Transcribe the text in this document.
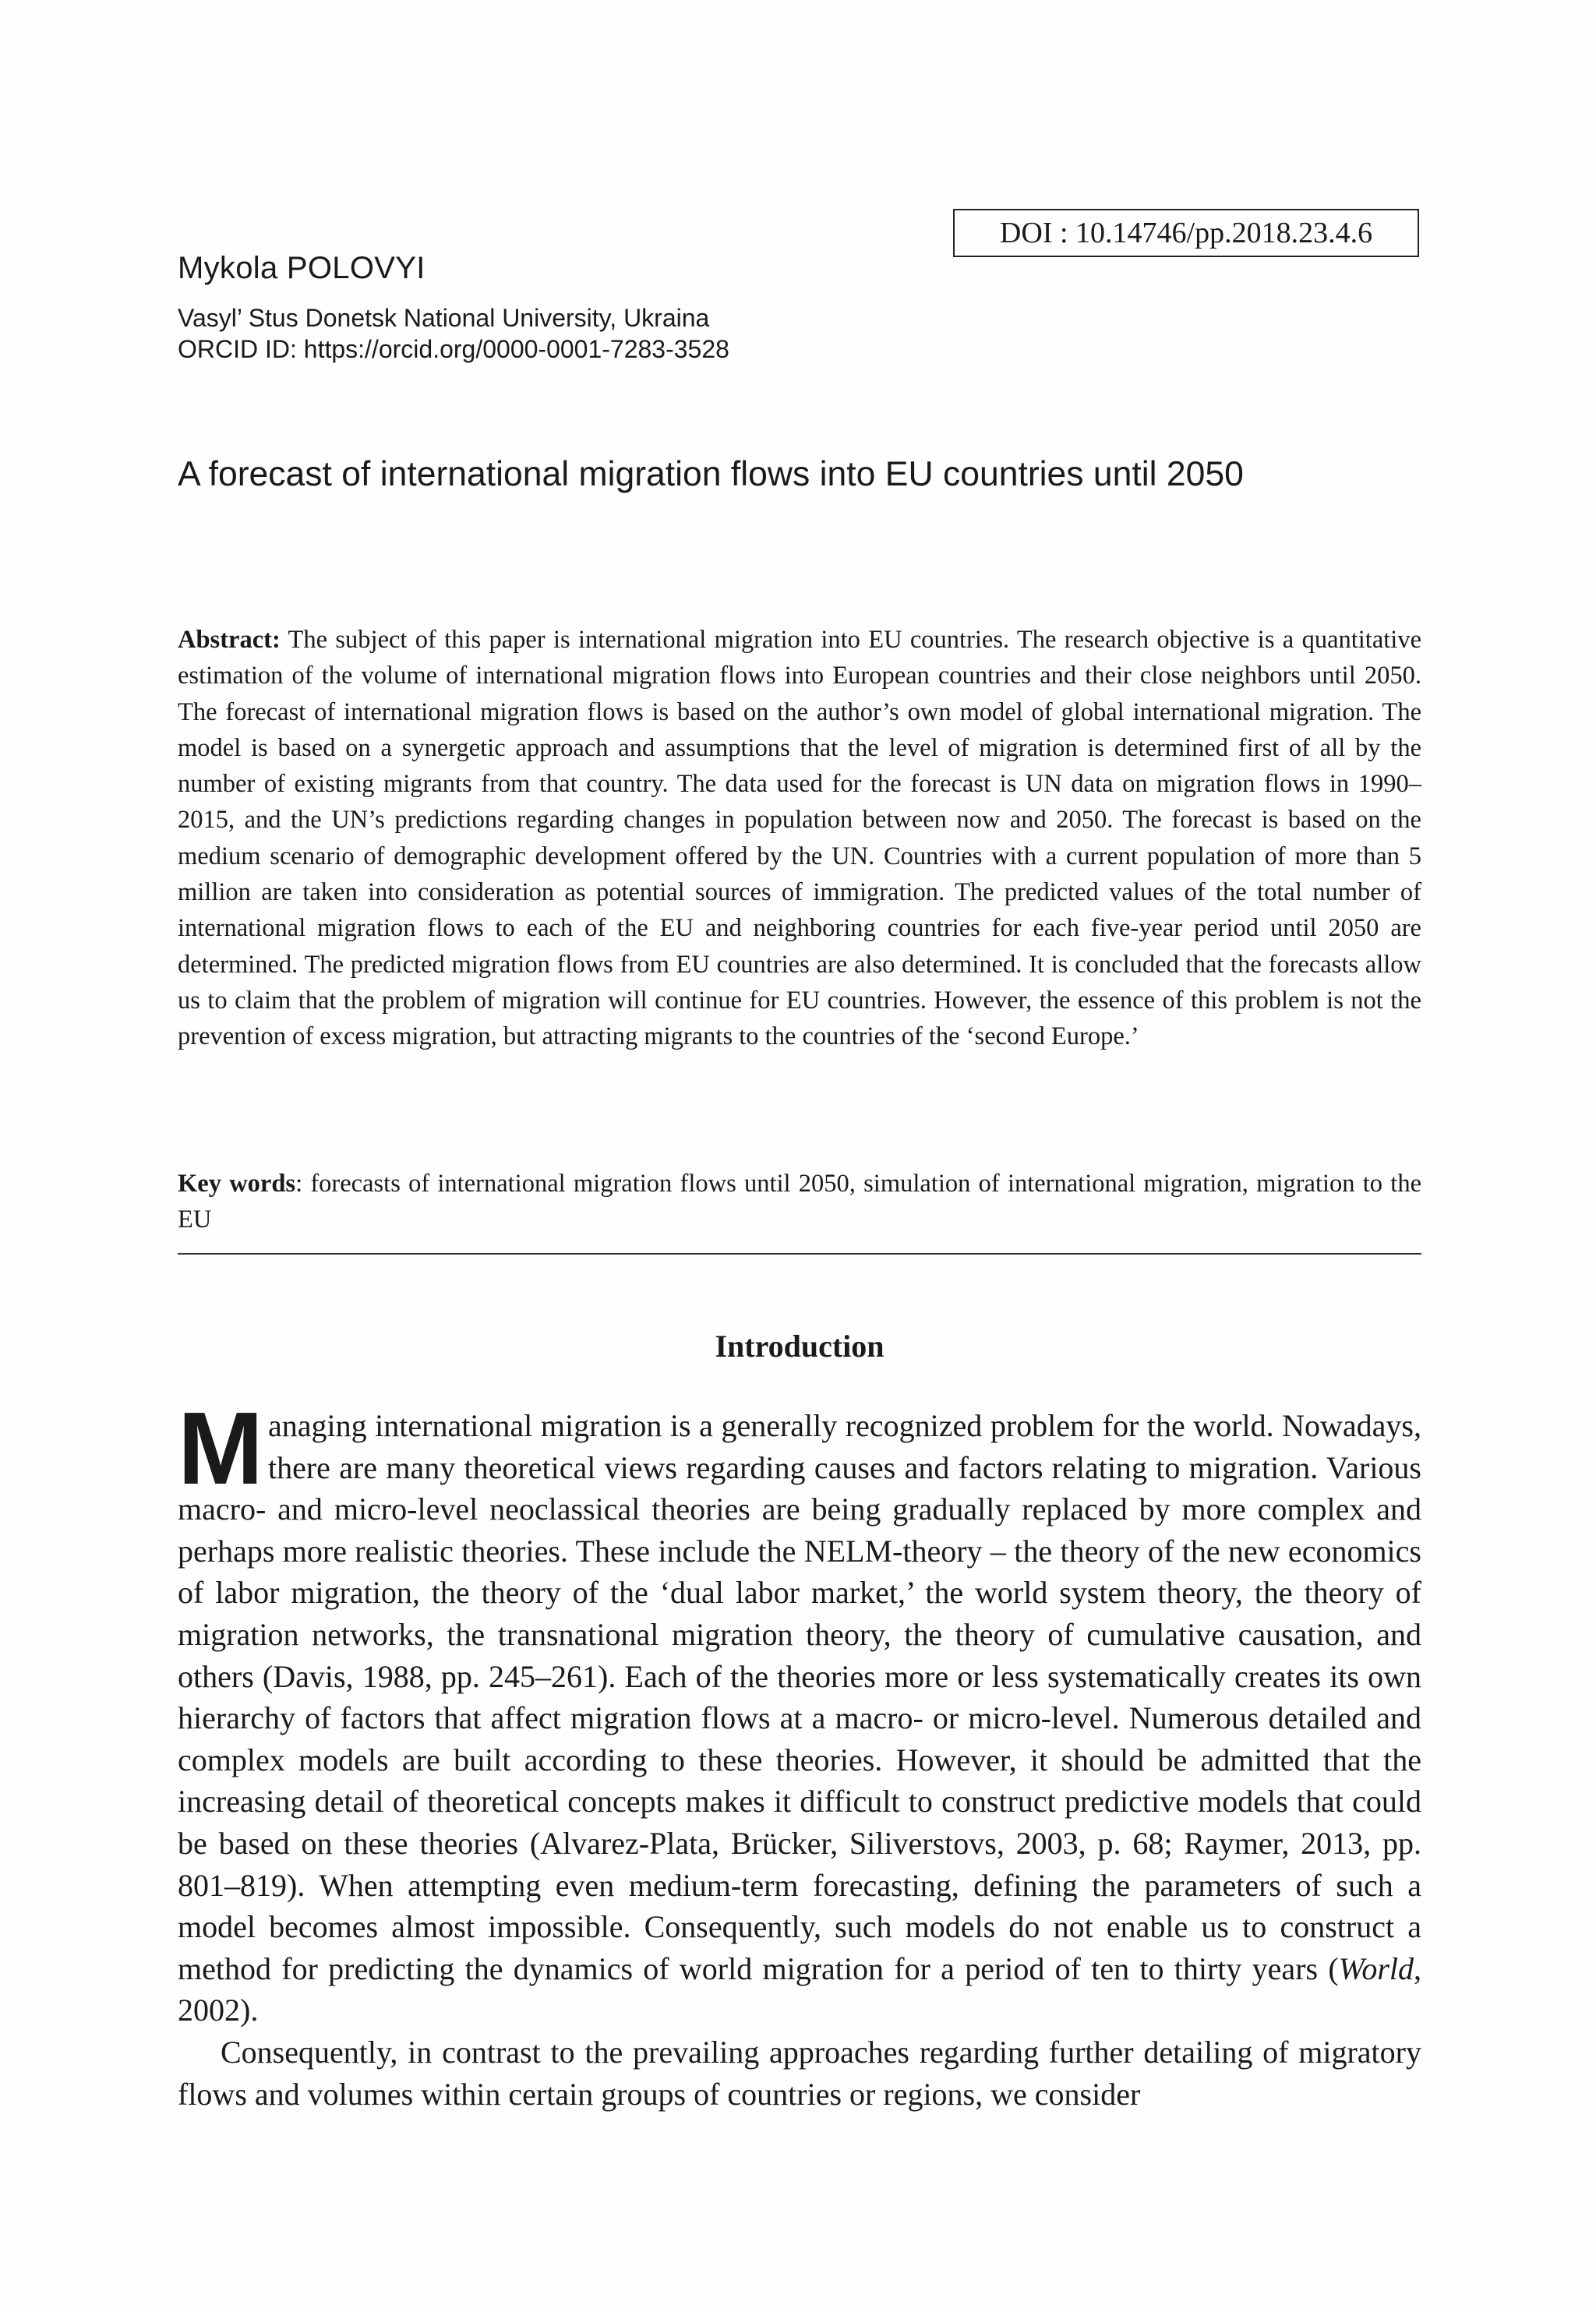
DOI : 10.14746/pp.2018.23.4.6
Mykola POLOVYI
Vasyl’ Stus Donetsk National University, Ukraina
ORCID ID: https://orcid.org/0000-0001-7283-3528
A forecast of international migration flows into EU countries until 2050

Abstract: The subject of this paper is international migration into EU countries. The research objective is a quantitative estimation of the volume of international migration flows into European countries and their close neighbors until 2050. The forecast of international migration flows is based on the author’s own model of global international migration. The model is based on a synergetic approach and assumptions that the level of migration is determined first of all by the number of existing migrants from that country. The data used for the forecast is UN data on migration flows in 1990–2015, and the UN’s predictions regarding changes in population between now and 2050. The forecast is based on the medium scenario of demographic development offered by the UN. Countries with a current population of more than 5 million are taken into consideration as potential sources of immigration. The predicted values of the total number of international migration flows to each of the EU and neighboring countries for each five-year period until 2050 are determined. The predicted migration flows from EU countries are also determined. It is concluded that the forecasts allow us to claim that the problem of migration will continue for EU countries. However, the essence of this problem is not the prevention of excess migration, but attracting migrants to the countries of the ‘second Europe.’

Key words: forecasts of international migration flows until 2050, simulation of international migration, migration to the EU

Introduction

Managing international migration is a generally recognized problem for the world. Nowadays, there are many theoretical views regarding causes and factors relating to migration. Various macro- and micro-level neoclassical theories are being gradually replaced by more complex and perhaps more realistic theories. These include the NELM-theory – the theory of the new economics of labor migration, the theory of the ‘dual labor market,’ the world system theory, the theory of migration networks, the transnational migration theory, the theory of cumulative causation, and others (Davis, 1988, pp. 245–261). Each of the theories more or less systematically creates its own hierarchy of factors that affect migration flows at a macro- or micro-level. Numerous detailed and complex models are built according to these theories. However, it should be admitted that the increasing detail of theoretical concepts makes it difficult to construct predictive models that could be based on these theories (Alvarez-Plata, Brücker, Siliverstovs, 2003, p. 68; Raymer, 2013, pp. 801–819). When attempting even medium-term forecasting, defining the parameters of such a model becomes almost impossible. Consequently, such models do not enable us to construct a method for predicting the dynamics of world migration for a period of ten to thirty years (World, 2002).

Consequently, in contrast to the prevailing approaches regarding further detailing of migratory flows and volumes within certain groups of countries or regions, we consider
